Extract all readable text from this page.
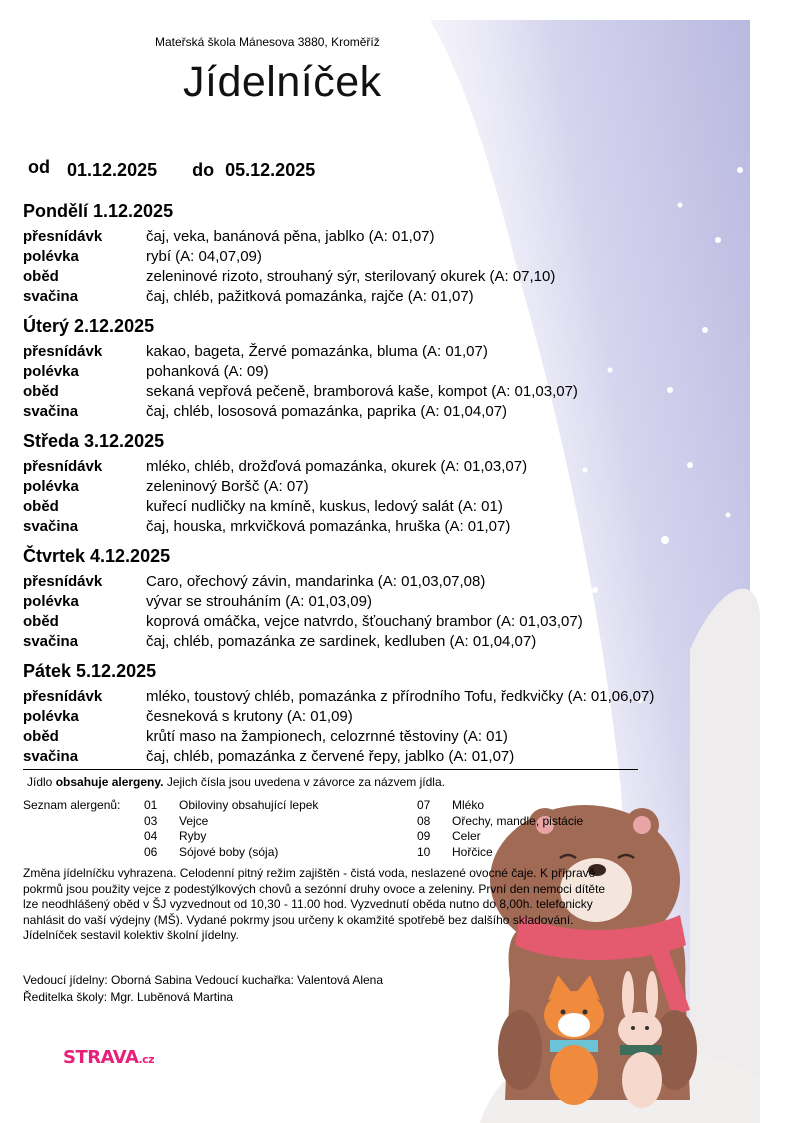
Mateřská škola Mánesova 3880, Kroměříž
Jídelníček
od 01.12.2025 do 05.12.2025
Pondělí 1.12.2025
přesnídávk	čaj, veka, banánová pěna, jablko (A: 01,07)
polévka	rybí (A: 04,07,09)
oběd	zeleninové rizoto, strouhaný sýr, sterilovaný okurek (A: 07,10)
svačina	čaj, chléb, pažitková pomazánka, rajče (A: 01,07)
Úterý 2.12.2025
přesnídávk	kakao, bageta, Žervé pomazánka, bluma (A: 01,07)
polévka	pohanková (A: 09)
oběd	sekaná vepřová pečeně, bramborová kaše, kompot (A: 01,03,07)
svačina	čaj, chléb, lososová pomazánka, paprika (A: 01,04,07)
Středa 3.12.2025
přesnídávk	mléko, chléb, drožďová pomazánka, okurek (A: 01,03,07)
polévka	zeleninový Boršč (A: 07)
oběd	kuřecí nudličky na kmíně, kuskus, ledový salát (A: 01)
svačina	čaj, houska, mrkvičková pomazánka, hruška (A: 01,07)
Čtvrtek 4.12.2025
přesnídávk	Caro, ořechový závin, mandarinka (A: 01,03,07,08)
polévka	vývar se strouháním (A: 01,03,09)
oběd	koprová omáčka, vejce natvrdo, šťouchaný brambor (A: 01,03,07)
svačina	čaj, chléb, pomazánka ze sardinek, kedluben (A: 01,04,07)
Pátek 5.12.2025
přesnídávk	mléko, toustový chléb, pomazánka z přírodního Tofu, ředkvičky (A: 01,06,07)
polévka	česneková s krutony (A: 01,09)
oběd	krůtí maso na žampionech, celozrnné těstoviny (A: 01)
svačina	čaj, chléb, pomazánka z červené řepy, jablko (A: 01,07)
Jídlo obsahuje alergeny. Jejich čísla jsou uvedena v závorce za názvem jídla.
Seznam alergenů: 01 Obiloviny obsahující lepek
03 Vejce
04 Ryby
06 Sójové boby (sója)
07 Mléko
08 Ořechy, mandle, pistácie
09 Celer
10 Hořčice
Změna jídelníčku vyhrazena. Celodenní pitný režim zajištěn - čistá voda, neslazené ovocné čaje. K přípravě pokrmů jsou použity vejce z podestýlkových chovů a sezónní druhy ovoce a zeleniny. První den nemoci dítěte lze neodhlášený oběd v ŠJ vyzvednout od 10,30 - 11.00 hod. Vyzvednutí oběda nutno do 8,00h. telefonicky nahlásit do vaší výdejny (MŠ). Vydané pokrmy jsou určeny k okamžité spotřebě bez dalšího skladování.
Jídelníček sestavil kolektiv školní jídelny.
Vedoucí jídelny: Oborná Sabina Vedoucí kuchařka: Valentová Alena
Ředitelka školy: Mgr. Luběnová Martina
STRAVA.cz
